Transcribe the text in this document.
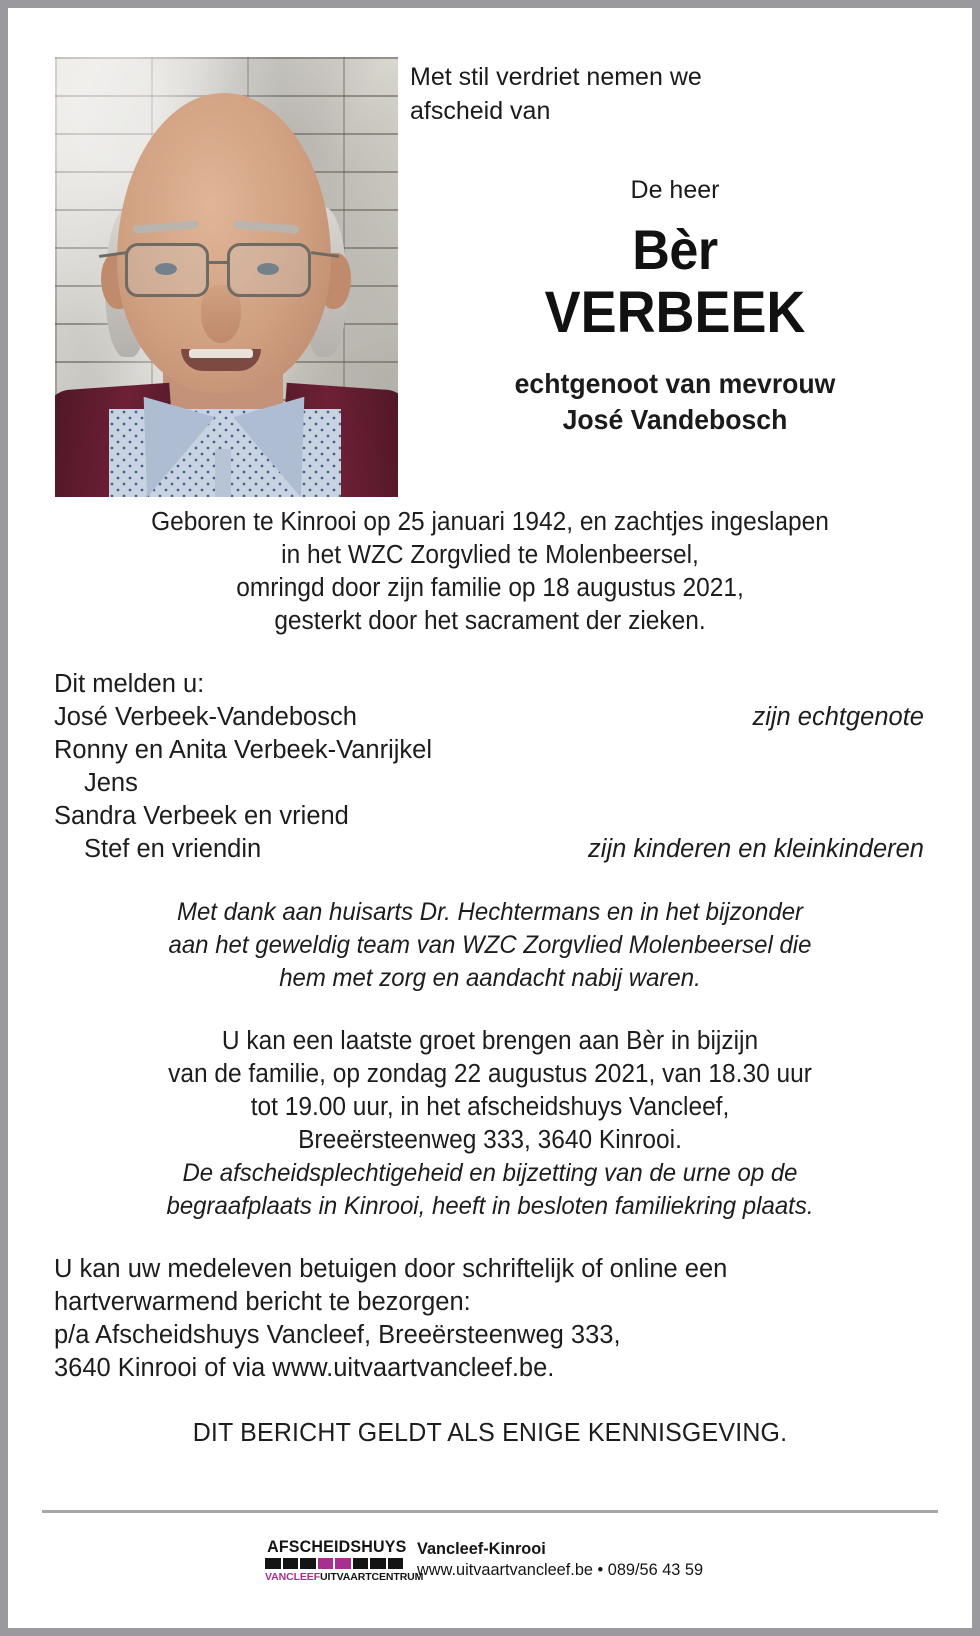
Met stil verdriet nemen we
afscheid van
De heer
Bèr
VERBEEK
echtgenoot van mevrouw
José Vandebosch
Geboren te Kinrooi op 25 januari 1942, en zachtjes ingeslapen
in het WZC Zorgvlied te Molenbeersel,
omringd door zijn familie op 18 augustus 2021,
gesterkt door het sacrament der zieken.
Dit melden u:
José Verbeek-Vandebosch	zijn echtgenote
Ronny en Anita Verbeek-Vanrijkel
Jens
Sandra Verbeek en vriend
Stef en vriendin	zijn kinderen en kleinkinderen
Met dank aan huisarts Dr. Hechtermans en in het bijzonder
aan het geweldig team van WZC Zorgvlied Molenbeersel die
hem met zorg en aandacht nabij waren.
U kan een laatste groet brengen aan Bèr in bijzijn
van de familie, op zondag 22 augustus 2021, van 18.30 uur
tot 19.00 uur, in het afscheidshuys Vancleef,
Breeërsteenweg 333, 3640 Kinrooi.
De afscheidsplechtigeheid en bijzetting van de urne op de
begraafplaats in Kinrooi, heeft in besloten familiekring plaats.
U kan uw medeleven betuigen door schriftelijk of online een
hartverwarmend bericht te bezorgen:
p/a Afscheidshuys Vancleef, Breeërsteenweg 333,
3640 Kinrooi of via www.uitvaartvancleef.be.
DIT BERICHT GELDT ALS ENIGE KENNISGEVING.
AFSCHEIDSHUYS
VANCLEEF UITVAARTCENTRUM
Vancleef-Kinrooi
www.uitvaartvancleef.be • 089/56 43 59
